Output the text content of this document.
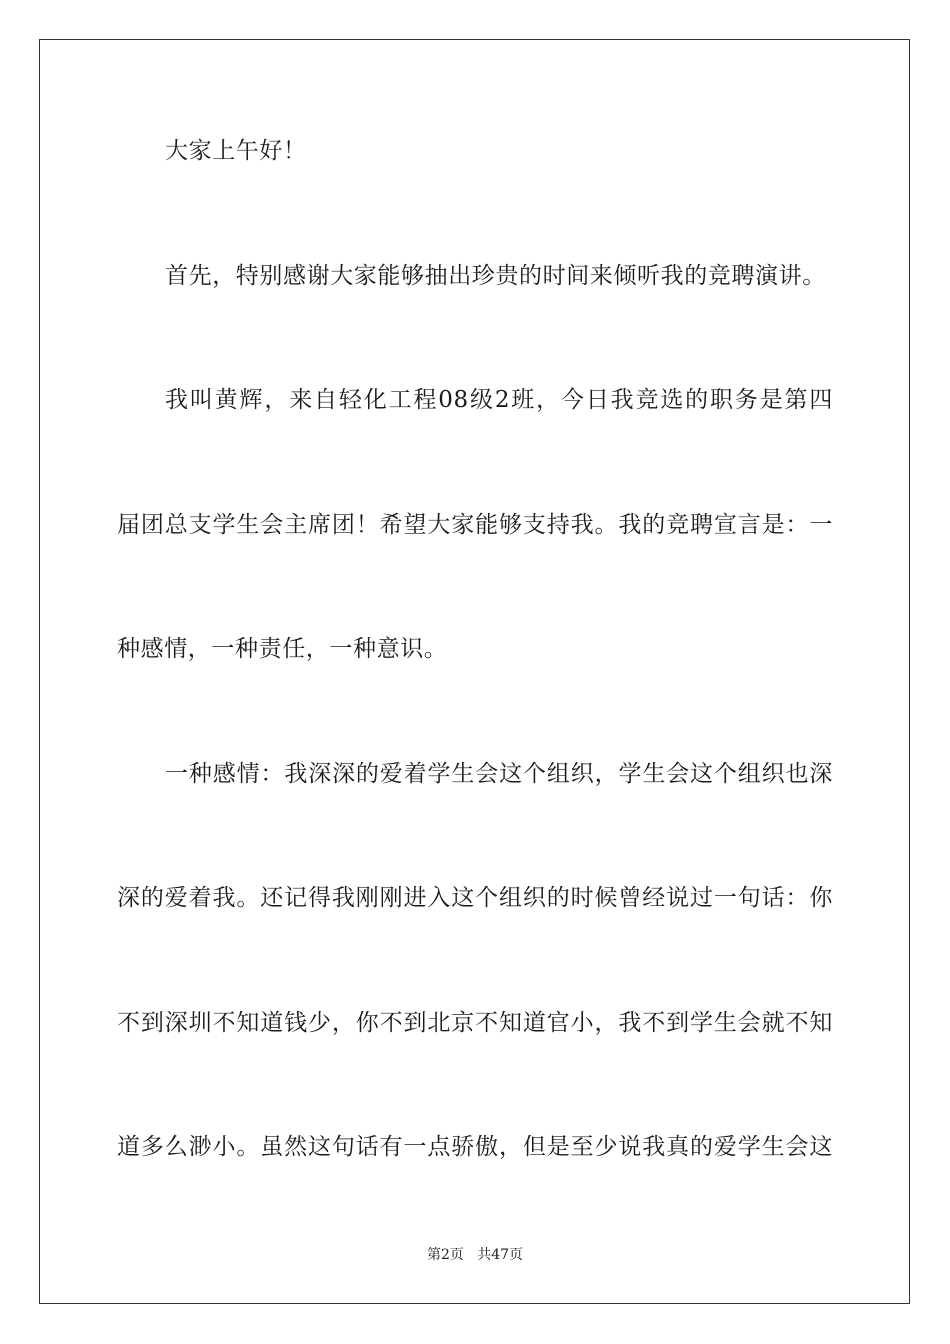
大家上午好！
首先，特别感谢大家能够抽出珍贵的时间来倾听我的竞聘演讲。
我叫黄辉，来自轻化工程08级2班，今日我竞选的职务是第四
届团总支学生会主席团！希望大家能够支持我。我的竞聘宣言是：一
种感情，一种责任，一种意识。
一种感情：我深深的爱着学生会这个组织，学生会这个组织也深
深的爱着我。还记得我刚刚进入这个组织的时候曾经说过一句话：你
不到深圳不知道钱少，你不到北京不知道官小，我不到学生会就不知
道多么渺小。虽然这句话有一点骄傲，但是至少说我真的爱学生会这
第2页   共47页
